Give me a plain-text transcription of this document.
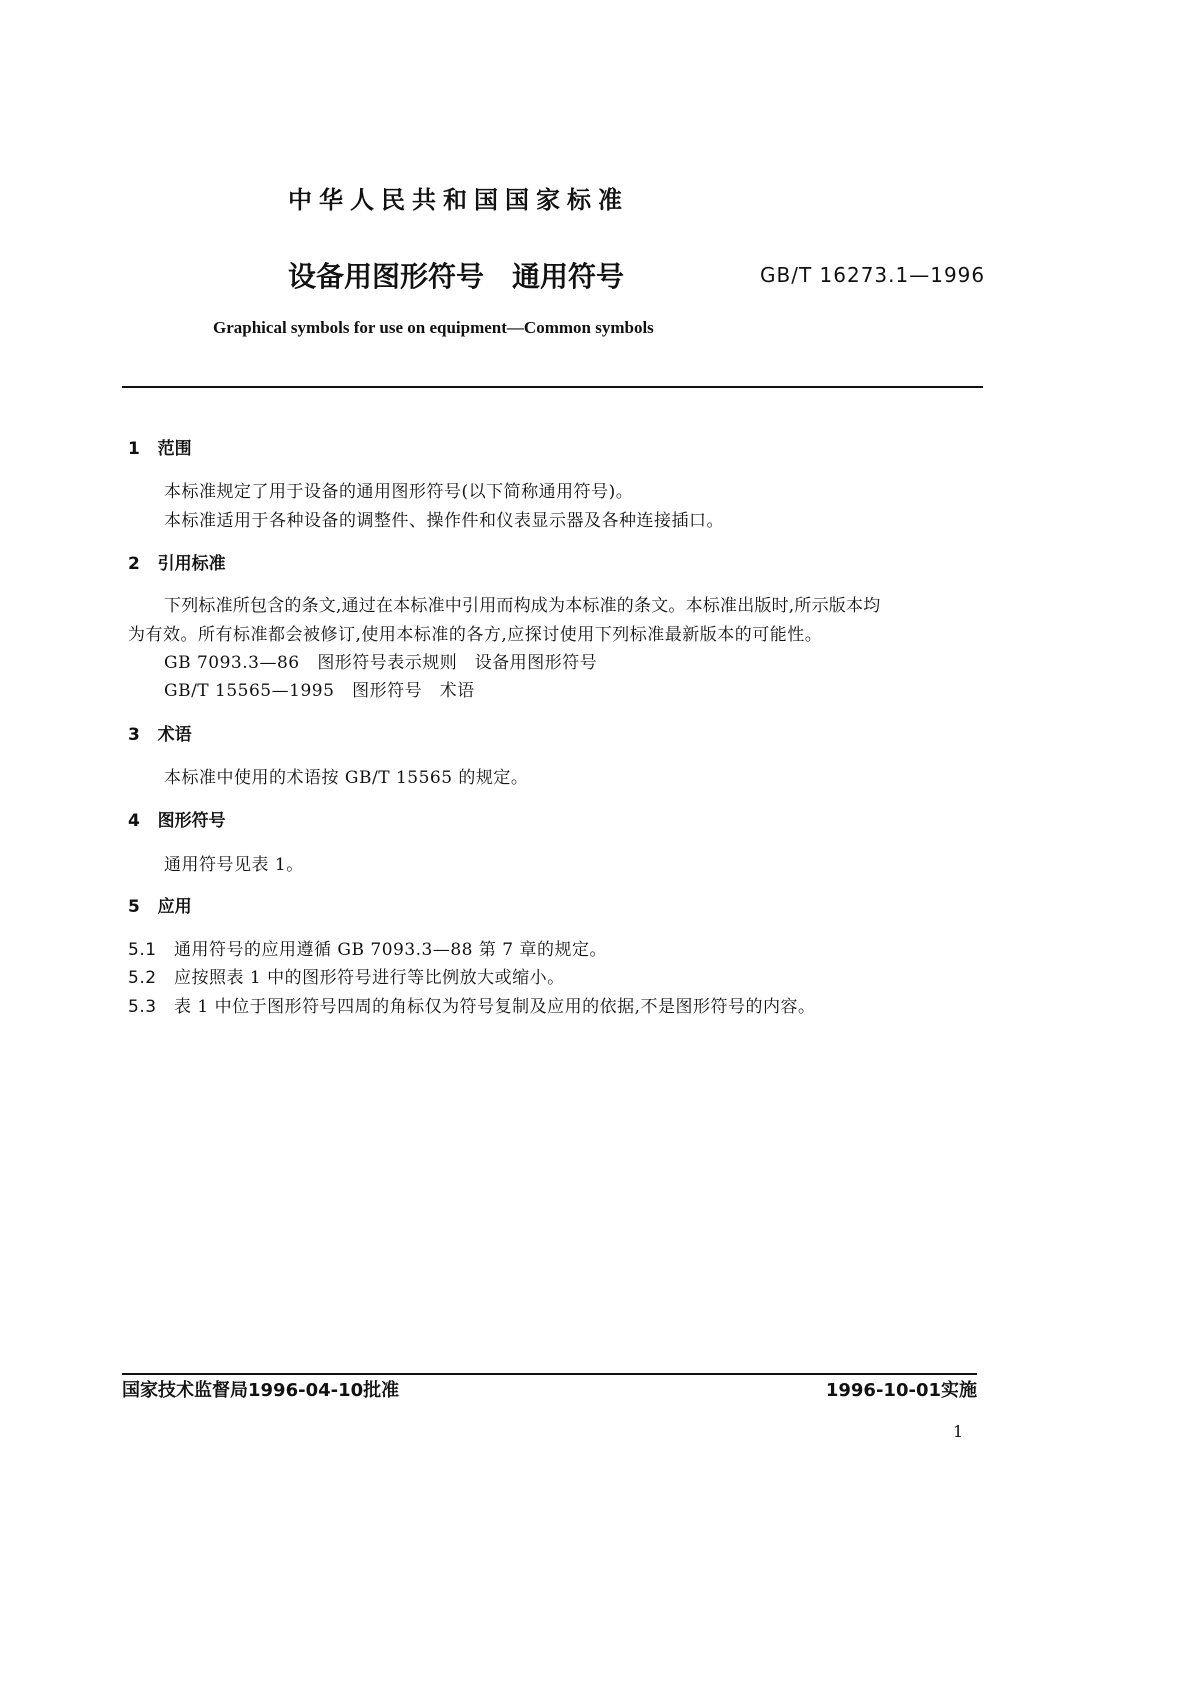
中华人民共和国国家标准
设备用图形符号　通用符号	GB/T 16273.1—1996
Graphical symbols for use on equipment—Common symbols
1 范围
本标准规定了用于设备的通用图形符号(以下简称通用符号)。
本标准适用于各种设备的调整件、操作件和仪表显示器及各种连接插口。
2 引用标准
下列标准所包含的条文,通过在本标准中引用而构成为本标准的条文。本标准出版时,所示版本均
为有效。所有标准都会被修订,使用本标准的各方,应探讨使用下列标准最新版本的可能性。
GB 7093.3—86 图形符号表示规则　设备用图形符号
GB/T 15565—1995 图形符号　术语
3 术语
本标准中使用的术语按 GB/T 15565 的规定。
4 图形符号
通用符号见表 1。
5 应用
5.1 通用符号的应用遵循 GB 7093.3—88 第 7 章的规定。
5.2 应按照表 1 中的图形符号进行等比例放大或缩小。
5.3 表 1 中位于图形符号四周的角标仅为符号复制及应用的依据,不是图形符号的内容。
国家技术监督局1996-04-10批准	1996-10-01实施
1
